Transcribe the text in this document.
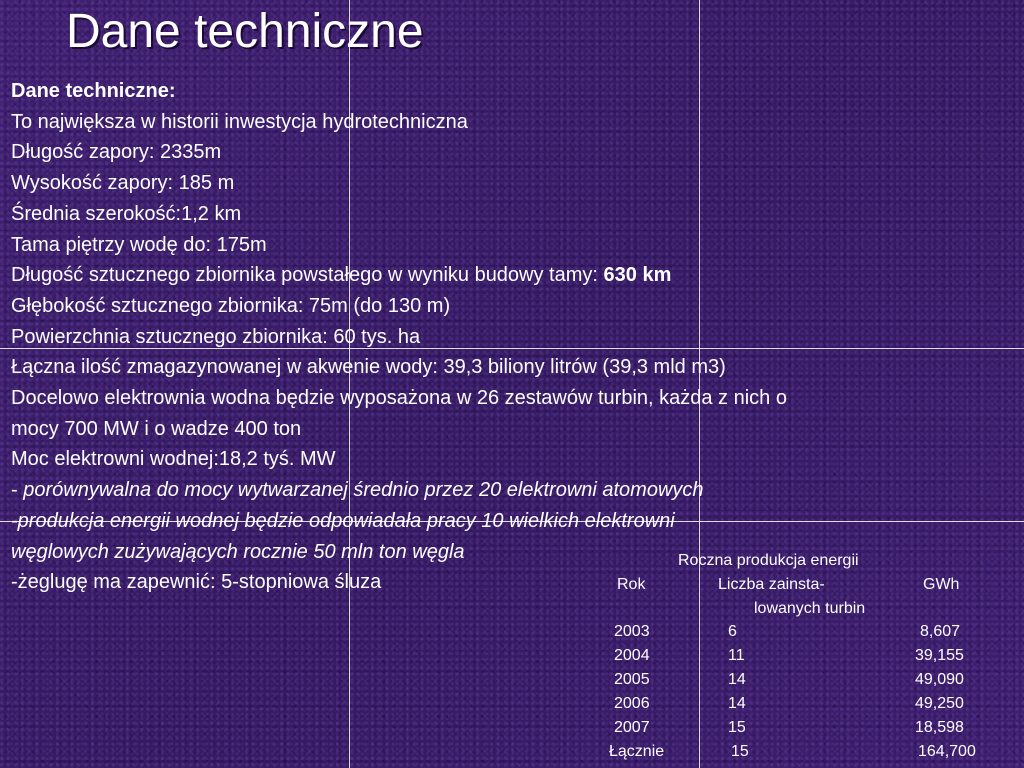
Dane techniczne
Dane techniczne:
To największa w historii inwestycja hydrotechniczna
Długość zapory: 2335m
Wysokość zapory: 185 m
Średnia szerokość:1,2 km
Tama piętrzy wodę do: 175m
Długość sztucznego zbiornika powstałego w wyniku budowy tamy: 630 km
Głębokość sztucznego zbiornika: 75m (do 130 m)
Powierzchnia sztucznego zbiornika: 60 tys. ha
Łączna ilość zmagazynowanej w akwenie wody: 39,3 biliony litrów (39,3 mld m3)
Docelowo elektrownia wodna będzie wyposażona w 26 zestawów turbin, każda z nich o
mocy 700 MW i o wadze 400 ton
Moc elektrowni wodnej:18,2 tyś. MW
- porównywalna do mocy wytwarzanej średnio przez 20 elektrowni atomowych
-produkcja energii wodnej będzie odpowiadała pracy 10 wielkich elektrowni
węglowych zużywających rocznie 50 mln ton węgla
-żeglugę ma zapewnić: 5-stopniowa śluza
Roczna produkcja energii
Rok	Liczba zainsta-	GWh
lowanych turbin
2003	6	8,607
2004	11	39,155
2005	14	49,090
2006	14	49,250
2007	15	18,598
Łącznie	15	164,700
